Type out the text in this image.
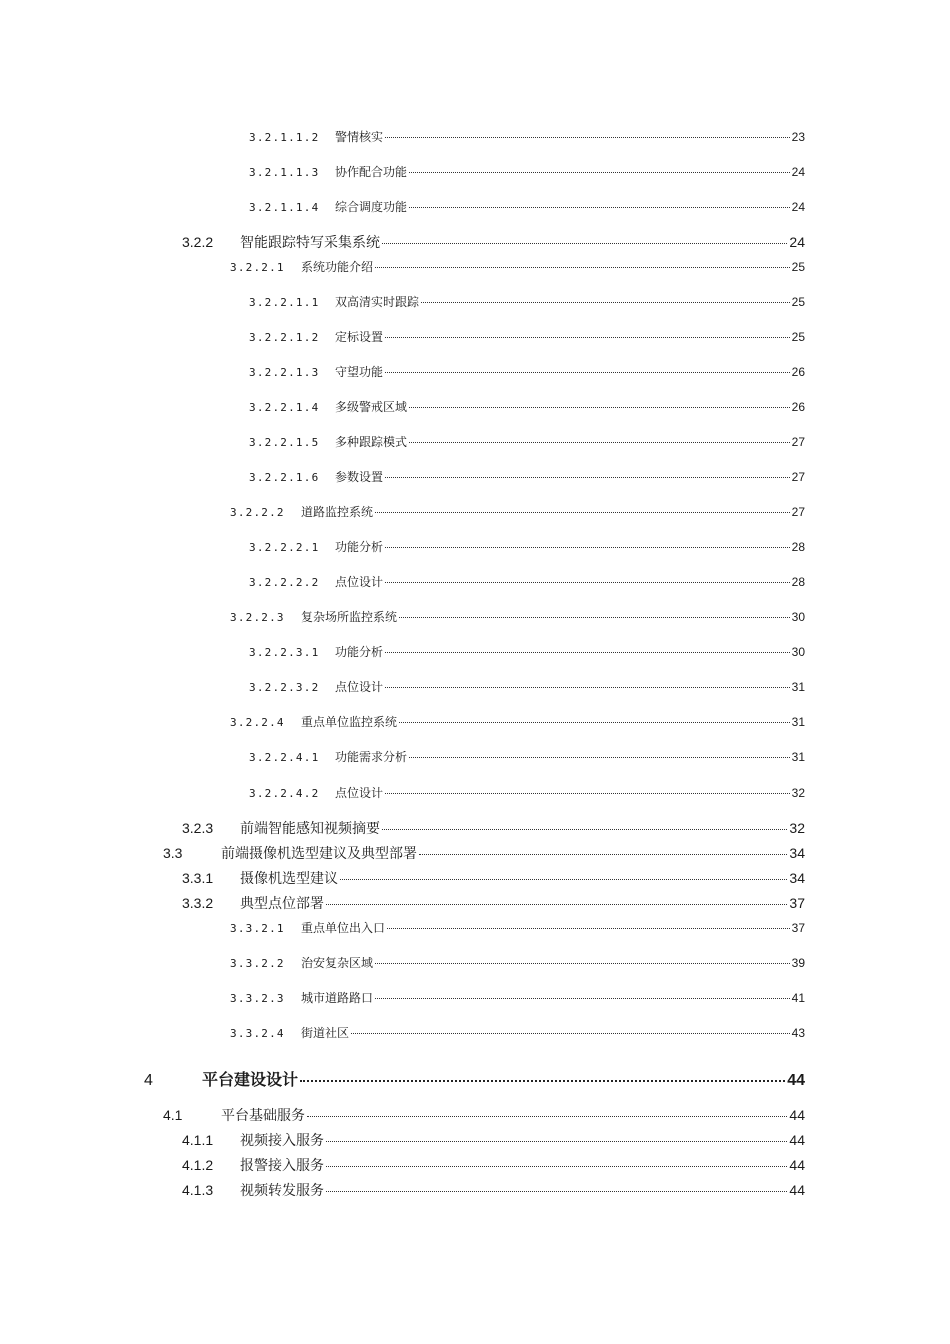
3.2.1.1.2	警情核实	23
3.2.1.1.3	协作配合功能	24
3.2.1.1.4	综合调度功能	24
3.2.2	智能跟踪特写采集系统	24
3.2.2.1	系统功能介绍	25
3.2.2.1.1	双高清实时跟踪	25
3.2.2.1.2	定标设置	25
3.2.2.1.3	守望功能	26
3.2.2.1.4	多级警戒区域	26
3.2.2.1.5	多种跟踪模式	27
3.2.2.1.6	参数设置	27
3.2.2.2	道路监控系统	27
3.2.2.2.1	功能分析	28
3.2.2.2.2	点位设计	28
3.2.2.3	复杂场所监控系统	30
3.2.2.3.1	功能分析	30
3.2.2.3.2	点位设计	31
3.2.2.4	重点单位监控系统	31
3.2.2.4.1	功能需求分析	31
3.2.2.4.2	点位设计	32
3.2.3	前端智能感知视频摘要	32
3.3	前端摄像机选型建议及典型部署	34
3.3.1	摄像机选型建议	34
3.3.2	典型点位部署	37
3.3.2.1	重点单位出入口	37
3.3.2.2	治安复杂区域	39
3.3.2.3	城市道路路口	41
3.3.2.4	街道社区	43
4	平台建设设计	44
4.1	平台基础服务	44
4.1.1	视频接入服务	44
4.1.2	报警接入服务	44
4.1.3	视频转发服务	44
